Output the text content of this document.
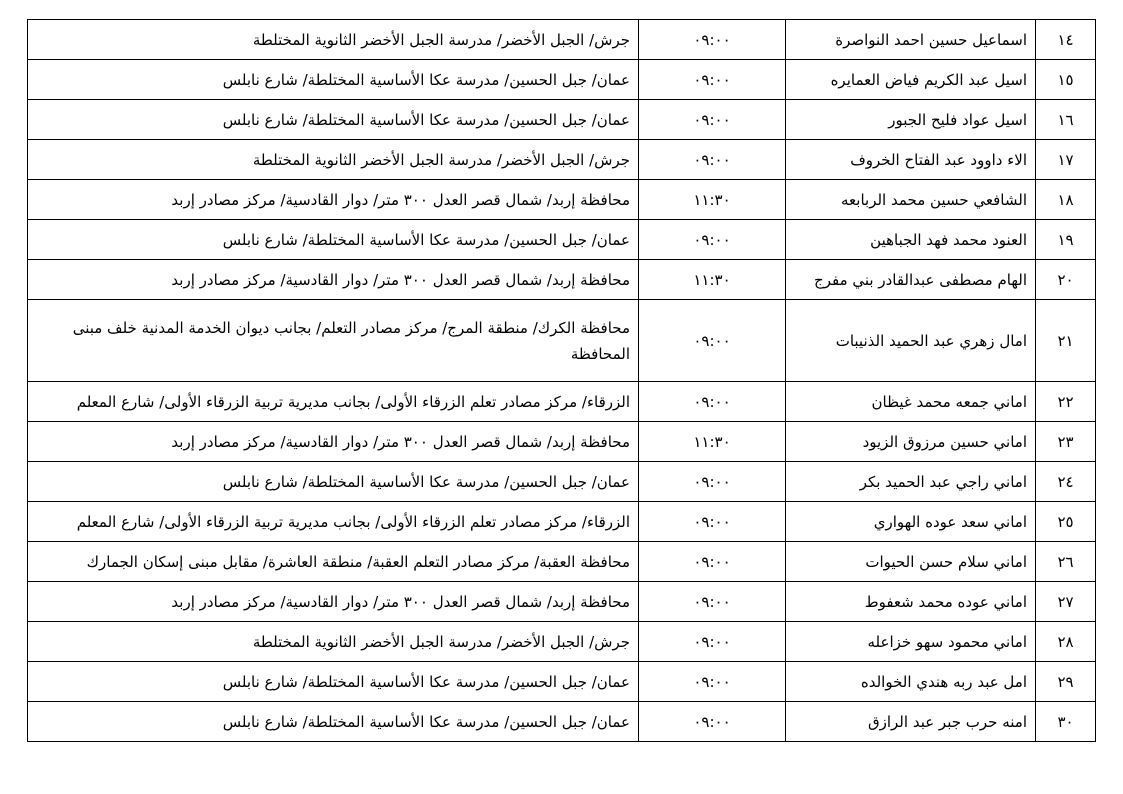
١٤	اسماعيل حسين احمد النواصرة	٠٩:٠٠	جرش/ الجبل الأخضر/ مدرسة الجبل الأخضر الثانوية المختلطة
١٥	اسيل عبد الكريم فياض العمايره	٠٩:٠٠	عمان/ جبل الحسين/ مدرسة عكا الأساسية المختلطة/ شارع نابلس
١٦	اسيل عواد فليح الجبور	٠٩:٠٠	عمان/ جبل الحسين/ مدرسة عكا الأساسية المختلطة/ شارع نابلس
١٧	الاء داوود عبد الفتاح الخروف	٠٩:٠٠	جرش/ الجبل الأخضر/ مدرسة الجبل الأخضر الثانوية المختلطة
١٨	الشافعي حسين محمد الربابعه	١١:٣٠	محافظة إربد/ شمال قصر العدل ٣٠٠ متر/ دوار القادسية/ مركز مصادر إربد
١٩	العنود محمد فهد الجباهين	٠٩:٠٠	عمان/ جبل الحسين/ مدرسة عكا الأساسية المختلطة/ شارع نابلس
٢٠	الهام مصطفى عبدالقادر بني مفرج	١١:٣٠	محافظة إربد/ شمال قصر العدل ٣٠٠ متر/ دوار القادسية/ مركز مصادر إربد
٢١	امال زهري عبد الحميد الذنيبات	٠٩:٠٠	محافظة الكرك/ منطقة المرج/ مركز مصادر التعلم/ بجانب ديوان الخدمة المدنية خلف مبنى المحافظة
٢٢	اماني جمعه محمد غيظان	٠٩:٠٠	الزرقاء/ مركز مصادر تعلم الزرقاء الأولى/ بجانب مديرية تربية الزرقاء الأولى/ شارع المعلم
٢٣	اماني حسين مرزوق الزيود	١١:٣٠	محافظة إربد/ شمال قصر العدل ٣٠٠ متر/ دوار القادسية/ مركز مصادر إربد
٢٤	اماني راجي عبد الحميد بكر	٠٩:٠٠	عمان/ جبل الحسين/ مدرسة عكا الأساسية المختلطة/ شارع نابلس
٢٥	اماني سعد عوده الهواري	٠٩:٠٠	الزرقاء/ مركز مصادر تعلم الزرقاء الأولى/ بجانب مديرية تربية الزرقاء الأولى/ شارع المعلم
٢٦	اماني سلام حسن الحيوات	٠٩:٠٠	محافظة العقبة/ مركز مصادر التعلم العقبة/ منطقة العاشرة/ مقابل مبنى إسكان الجمارك
٢٧	اماني عوده محمد شعفوط	٠٩:٠٠	محافظة إربد/ شمال قصر العدل ٣٠٠ متر/ دوار القادسية/ مركز مصادر إربد
٢٨	اماني محمود سهو خزاعله	٠٩:٠٠	جرش/ الجبل الأخضر/ مدرسة الجبل الأخضر الثانوية المختلطة
٢٩	امل عبد ربه هندي الخوالده	٠٩:٠٠	عمان/ جبل الحسين/ مدرسة عكا الأساسية المختلطة/ شارع نابلس
٣٠	امنه حرب جبر عبد الرازق	٠٩:٠٠	عمان/ جبل الحسين/ مدرسة عكا الأساسية المختلطة/ شارع نابلس
